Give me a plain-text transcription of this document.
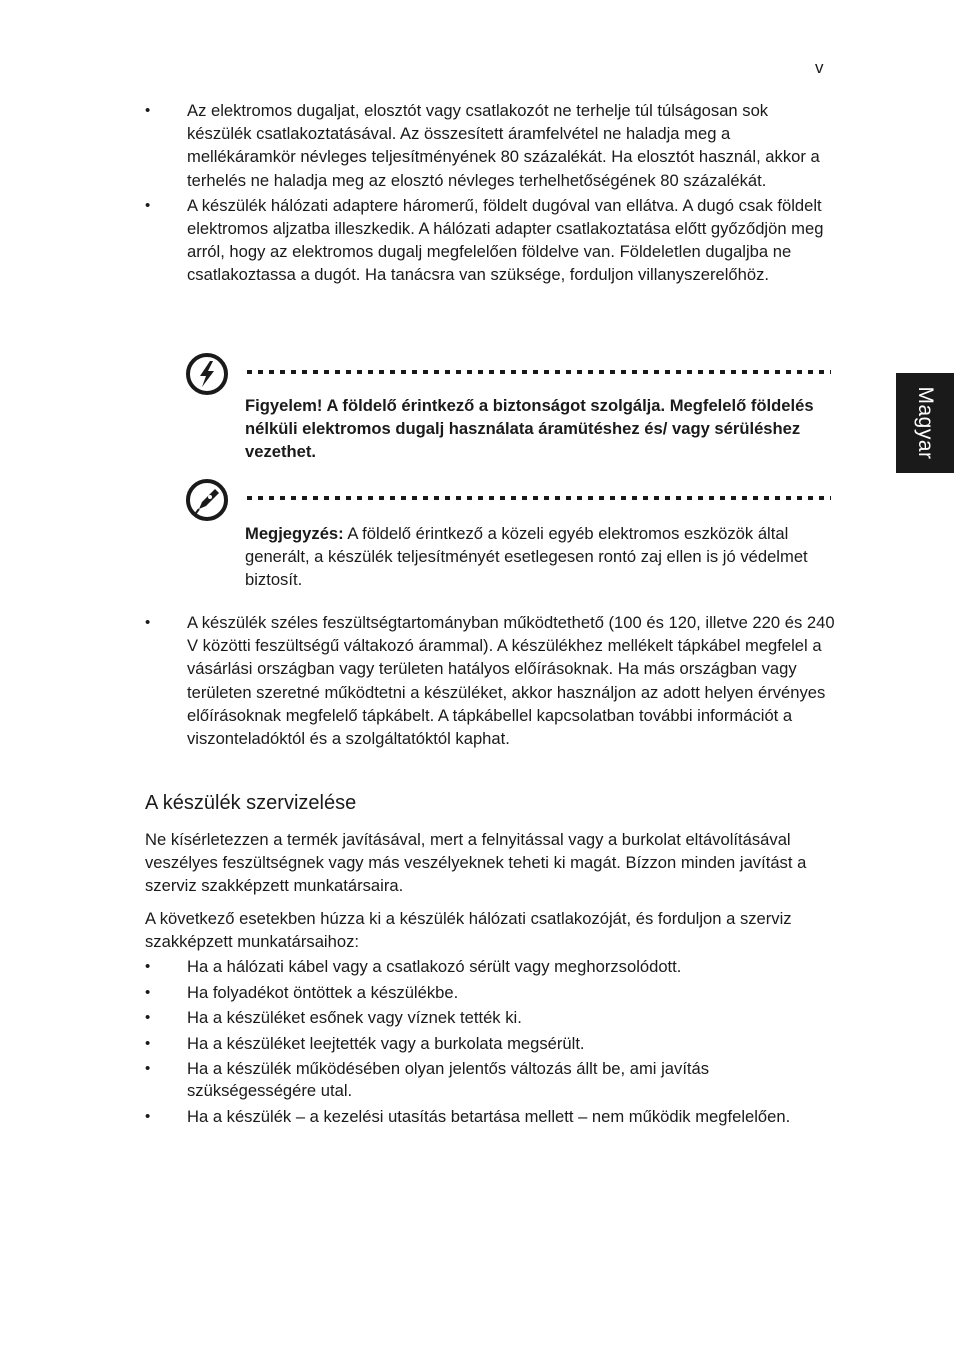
v
Magyar
• Az elektromos dugaljat, elosztót vagy csatlakozót ne terhelje túl túlságosan sok készülék csatlakoztatásával. Az összesített áramfelvétel ne haladja meg a mellékáramkör névleges teljesítményének 80 százalékát. Ha elosztót használ, akkor a terhelés ne haladja meg az elosztó névleges terhelhetőségének 80 százalékát.
• A készülék hálózati adaptere háromerű, földelt dugóval van ellátva. A dugó csak földelt elektromos aljzatba illeszkedik. A hálózati adapter csatlakoztatása előtt győződjön meg arról, hogy az elektromos dugalj megfelelően földelve van. Földeletlen dugaljba ne csatlakoztassa a dugót. Ha tanácsra van szüksége, forduljon villanyszerelőhöz.
Figyelem! A földelő érintkező a biztonságot szolgálja. Megfelelő földelés nélküli elektromos dugalj használata áramütéshez és/ vagy sérüléshez vezethet.
Megjegyzés: A földelő érintkező a közeli egyéb elektromos eszközök által generált, a készülék teljesítményét esetlegesen rontó zaj ellen is jó védelmet biztosít.
• A készülék széles feszültségtartományban működtethető (100 és 120, illetve 220 és 240 V közötti feszültségű váltakozó árammal). A készülékhez mellékelt tápkábel megfelel a vásárlási országban vagy területen hatályos előírásoknak. Ha más országban vagy területen szeretné működtetni a készüléket, akkor használjon az adott helyen érvényes előírásoknak megfelelő tápkábelt. A tápkábellel kapcsolatban további információt a viszonteladóktól és a szolgáltatóktól kaphat.
A készülék szervizelése

Ne kísérletezzen a termék javításával, mert a felnyitással vagy a burkolat eltávolításával veszélyes feszültségnek vagy más veszélyeknek teheti ki magát. Bízzon minden javítást a szerviz szakképzett munkatársaira.

A következő esetekben húzza ki a készülék hálózati csatlakozóját, és forduljon a szerviz szakképzett munkatársaihoz:

• Ha a hálózati kábel vagy a csatlakozó sérült vagy meghorzsolódott.
• Ha folyadékot öntöttek a készülékbe.
• Ha a készüléket esőnek vagy víznek tették ki.
• Ha a készüléket leejtették vagy a burkolata megsérült.
• Ha a készülék működésében olyan jelentős változás állt be, ami javítás szükségességére utal.
• Ha a készülék – a kezelési utasítás betartása mellett – nem működik megfelelően.
